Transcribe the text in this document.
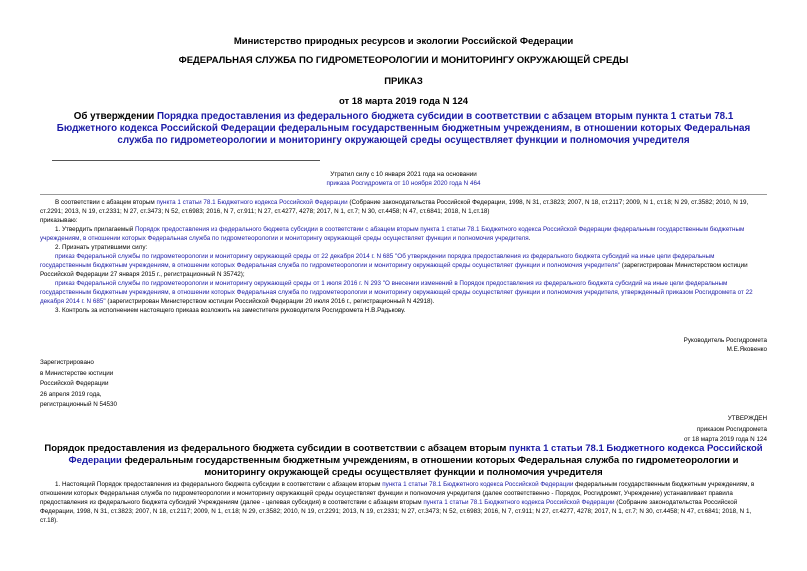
Министерство природных ресурсов и экологии Российской Федерации
ФЕДЕРАЛЬНАЯ СЛУЖБА ПО ГИДРОМЕТЕОРОЛОГИИ И МОНИТОРИНГУ ОКРУЖАЮЩЕЙ СРЕДЫ
ПРИКАЗ
от 18 марта 2019 года N 124
Об утверждении Порядка предоставления из федерального бюджета субсидии в соответствии с абзацем вторым пункта 1 статьи 78.1 Бюджетного кодекса Российской Федерации федеральным государственным бюджетным учреждениям, в отношении которых Федеральная служба по гидрометеорологии и мониторингу окружающей среды осуществляет функции и полномочия учредителя
Утратил силу с 10 января 2021 года на основании
приказа Росгидромета от 10 ноября 2020 года N 464

В соответствии с абзацем вторым пункта 1 статьи 78.1 Бюджетного кодекса Российской Федерации (Собрание законодательства Российской Федерации, 1998, N 31, ст.3823; 2007, N 18, ст.2117; 2009, N 1, ст.18; N 29, ст.3582; 2010, N 19, ст.2291; 2013, N 19, ст.2331; N 27, ст.3473; N 52, ст.6983; 2016, N 7, ст.911; N 27, ст.4277, 4278; 2017, N 1, ст.7; N 30, ст.4458; N 47, ст.6841; 2018, N 1,ст.18)

приказываю:

1. Утвердить прилагаемый Порядок предоставления из федерального бюджета субсидии в соответствии с абзацем вторым пункта 1 статьи 78.1 Бюджетного кодекса Российской Федерации федеральным государственным бюджетным учреждениям, в отношении которых Федеральная служба по гидрометеорологии и мониторингу окружающей среды осуществляет функции и полномочия учредителя.

2. Признать утратившими силу:

приказ Федеральной службы по гидрометеорологии и мониторингу окружающей среды от 22 декабря 2014 г. N 685 "Об утверждении порядка предоставления из федерального бюджета субсидий на иные цели федеральным государственным бюджетным учреждениям, в отношении которых Федеральная служба по гидрометеорологии и мониторингу окружающей среды осуществляет функции и полномочия учредителя" (зарегистрирован Министерством юстиции Российской Федерации 27 января 2015 г., регистрационный N 35742);

приказ Федеральной службы по гидрометеорологии и мониторингу окружающей среды от 1 июля 2016 г. N 293 "О внесении изменений в Порядок предоставления из федерального бюджета субсидий на иные цели федеральным государственным бюджетным учреждениям, в отношении которых Федеральная служба по гидрометеорологии и мониторингу окружающей среды осуществляет функции и полномочия учредителя, утвержденный приказом Росгидромета от 22 декабря 2014 г. N 685" (зарегистрирован Министерством юстиции Российской Федерации 20 июля 2016 г., регистрационный N 42918).

3. Контроль за исполнением настоящего приказа возложить на заместителя руководителя Росгидромета Н.В.Радькову.

Руководитель Росгидромета
М.Е.Яковенко
Зарегистрировано
в Министерстве юстиции
Российской Федерации
26 апреля 2019 года,
регистрационный N 54530
УТВЕРЖДЕН
приказом Росгидромета
от 18 марта 2019 года N 124
Порядок предоставления из федерального бюджета субсидии в соответствии с абзацем вторым пункта 1 статьи 78.1 Бюджетного кодекса Российской Федерации федеральным государственным бюджетным учреждениям, в отношении которых Федеральная служба по гидрометеорологии и мониторингу окружающей среды осуществляет функции и полномочия учредителя

1. Настоящий Порядок предоставления из федерального бюджета субсидии в соответствии с абзацем вторым пункта 1 статьи 78.1 Бюджетного кодекса Российской Федерации федеральным государственным бюджетным учреждениям, в отношении которых Федеральная служба по гидрометеорологии и мониторингу окружающей среды осуществляет функции и полномочия учредителя (далее соответственно - Порядок, Росгидромет, Учреждение) устанавливает правила предоставления из федерального бюджета субсидий Учреждениям (далее - целевая субсидия) в соответствии с абзацем вторым пункта 1 статьи 78.1 Бюджетного кодекса Российской Федерации (Собрание законодательства Российской Федерации, 1998, N 31, ст.3823; 2007, N 18, ст.2117; 2009, N 1, ст.18; N 29, ст.3582; 2010, N 19, ст.2291; 2013, N 19, ст.2331; N 27, ст.3473; N 52, ст.6983; 2016, N 7, ст.911; N 27, ст.4277, 4278; 2017, N 1, ст.7; N 30, ст.4458; N 47, ст.6841; 2018, N 1, ст.18).
